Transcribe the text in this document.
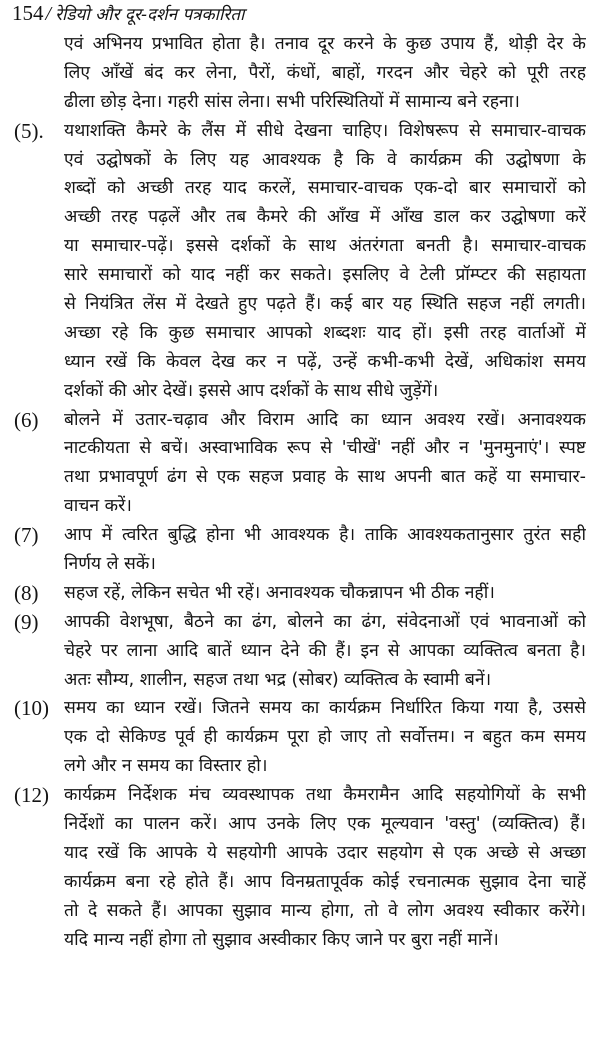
154 / रेडियो और दूर-दर्शन पत्रकारिता
एवं अभिनय प्रभावित होता है। तनाव दूर करने के कुछ उपाय हैं, थोड़ी देर के
लिए आँखें बंद कर लेना, पैरों, कंधों, बाहों, गरदन और चेहरे को पूरी तरह
ढीला छोड़ देना। गहरी सांस लेना। सभी परिस्थितियों में सामान्य बने रहना।
(5). यथाशक्ति कैमरे के लैंस में सीधे देखना चाहिए। विशेषरूप से समाचार-वाचक
एवं उद्घोषकों के लिए यह आवश्यक है कि वे कार्यक्रम की उद्घोषणा के
शब्दों को अच्छी तरह याद करलें, समाचार-वाचक एक-दो बार समाचारों को
अच्छी तरह पढ़लें और तब कैमरे की आँख में आँख डाल कर उद्घोषणा करें
या समाचार-पढ़ें। इससे दर्शकों के साथ अंतरंगता बनती है। समाचार-वाचक
सारे समाचारों को याद नहीं कर सकते। इसलिए वे टेली प्रॉम्प्टर की सहायता
से नियंत्रित लेंस में देखते हुए पढ़ते हैं। कई बार यह स्थिति सहज नहीं लगती।
अच्छा रहे कि कुछ समाचार आपको शब्दशः याद हों। इसी तरह वार्ताओं में
ध्यान रखें कि केवल देख कर न पढ़ें, उन्हें कभी-कभी देखें, अधिकांश समय
दर्शकों की ओर देखें। इससे आप दर्शकों के साथ सीधे जुड़ेंगें।
(6) बोलने में उतार-चढ़ाव और विराम आदि का ध्यान अवश्य रखें। अनावश्यक
नाटकीयता से बचें। अस्वाभाविक रूप से 'चीखें' नहीं और न 'मुनमुनाएं'। स्पष्ट
तथा प्रभावपूर्ण ढंग से एक सहज प्रवाह के साथ अपनी बात कहें या समाचार-
वाचन करें।
(7) आप में त्वरित बुद्धि होना भी आवश्यक है। ताकि आवश्यकतानुसार तुरंत सही
निर्णय ले सकें।
(8) सहज रहें, लेकिन सचेत भी रहें। अनावश्यक चौकन्नापन भी ठीक नहीं।
(9) आपकी वेशभूषा, बैठने का ढंग, बोलने का ढंग, संवेदनाओं एवं भावनाओं को
चेहरे पर लाना आदि बातें ध्यान देने की हैं। इन से आपका व्यक्तित्व बनता है।
अतः सौम्य, शालीन, सहज तथा भद्र (सोबर) व्यक्तित्व के स्वामी बनें।
(10) समय का ध्यान रखें। जितने समय का कार्यक्रम निर्धारित किया गया है, उससे
एक दो सेकिण्ड पूर्व ही कार्यक्रम पूरा हो जाए तो सर्वोत्तम। न बहुत कम समय
लगे और न समय का विस्तार हो।
(12) कार्यक्रम निर्देशक मंच व्यवस्थापक तथा कैमरामैन आदि सहयोगियों के सभी
निर्देशों का पालन करें। आप उनके लिए एक मूल्यवान 'वस्तु' (व्यक्तित्व) हैं।
याद रखें कि आपके ये सहयोगी आपके उदार सहयोग से एक अच्छे से अच्छा
कार्यक्रम बना रहे होते हैं। आप विनम्रतापूर्वक कोई रचनात्मक सुझाव देना चाहें
तो दे सकते हैं। आपका सुझाव मान्य होगा, तो वे लोग अवश्य स्वीकार करेंगे।
यदि मान्य नहीं होगा तो सुझाव अस्वीकार किए जाने पर बुरा नहीं मानें।
